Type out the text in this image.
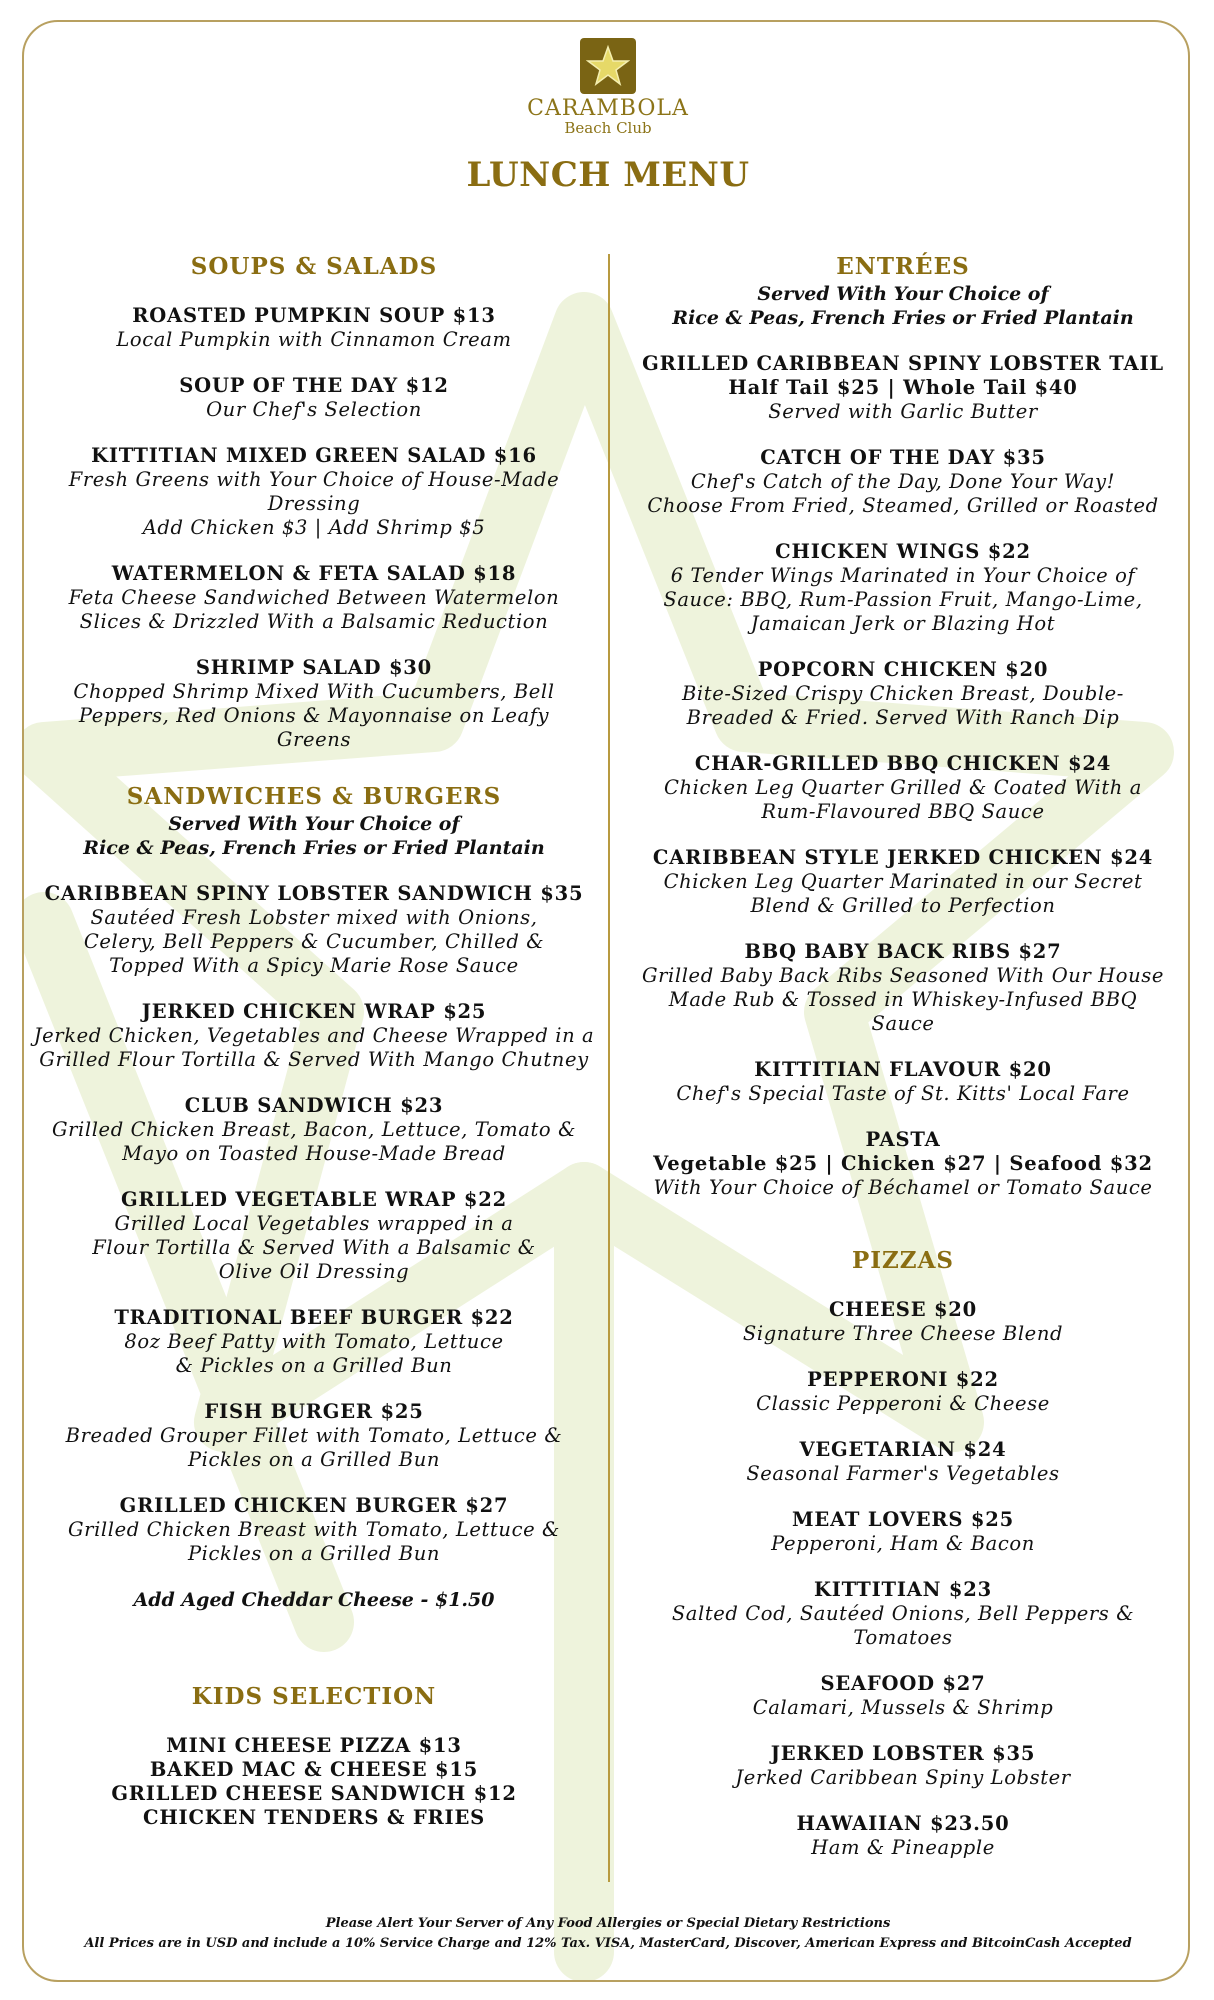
CARAMBOLA
Beach Club
LUNCH MENU
SOUPS & SALADS
ROASTED PUMPKIN SOUP $13
Local Pumpkin with Cinnamon Cream
SOUP OF THE DAY $12
Our Chef's Selection
KITTITIAN MIXED GREEN SALAD $16
Fresh Greens with Your Choice of House-Made Dressing
Add Chicken $3 | Add Shrimp $5
WATERMELON & FETA SALAD $18
Feta Cheese Sandwiched Between Watermelon Slices & Drizzled With a Balsamic Reduction
SHRIMP SALAD $30
Chopped Shrimp Mixed With Cucumbers, Bell Peppers, Red Onions & Mayonnaise on Leafy Greens
SANDWICHES & BURGERS
Served With Your Choice of
Rice & Peas, French Fries or Fried Plantain
CARIBBEAN SPINY LOBSTER SANDWICH $35
Sautéed Fresh Lobster mixed with Onions, Celery, Bell Peppers & Cucumber, Chilled & Topped With a Spicy Marie Rose Sauce
JERKED CHICKEN WRAP $25
Jerked Chicken, Vegetables and Cheese Wrapped in a Grilled Flour Tortilla & Served With Mango Chutney
CLUB SANDWICH $23
Grilled Chicken Breast, Bacon, Lettuce, Tomato & Mayo on Toasted House-Made Bread
GRILLED VEGETABLE WRAP $22
Grilled Local Vegetables wrapped in a Flour Tortilla & Served With a Balsamic & Olive Oil Dressing
TRADITIONAL BEEF BURGER $22
8oz Beef Patty with Tomato, Lettuce & Pickles on a Grilled Bun
FISH BURGER $25
Breaded Grouper Fillet with Tomato, Lettuce & Pickles on a Grilled Bun
GRILLED CHICKEN BURGER $27
Grilled Chicken Breast with Tomato, Lettuce & Pickles on a Grilled Bun
Add Aged Cheddar Cheese - $1.50
KIDS SELECTION
MINI CHEESE PIZZA $13
BAKED MAC & CHEESE $15
GRILLED CHEESE SANDWICH $12
CHICKEN TENDERS & FRIES
ENTRÉES
Served With Your Choice of
Rice & Peas, French Fries or Fried Plantain
GRILLED CARIBBEAN SPINY LOBSTER TAIL
Half Tail $25 | Whole Tail $40
Served with Garlic Butter
CATCH OF THE DAY $35
Chef's Catch of the Day, Done Your Way!
Choose From Fried, Steamed, Grilled or Roasted
CHICKEN WINGS $22
6 Tender Wings Marinated in Your Choice of Sauce: BBQ, Rum-Passion Fruit, Mango-Lime, Jamaican Jerk or Blazing Hot
POPCORN CHICKEN $20
Bite-Sized Crispy Chicken Breast, Double-Breaded & Fried. Served With Ranch Dip
CHAR-GRILLED BBQ CHICKEN $24
Chicken Leg Quarter Grilled & Coated With a Rum-Flavoured BBQ Sauce
CARIBBEAN STYLE JERKED CHICKEN $24
Chicken Leg Quarter Marinated in our Secret Blend & Grilled to Perfection
BBQ BABY BACK RIBS $27
Grilled Baby Back Ribs Seasoned With Our House Made Rub & Tossed in Whiskey-Infused BBQ Sauce
KITTITIAN FLAVOUR $20
Chef's Special Taste of St. Kitts' Local Fare
PASTA
Vegetable $25 | Chicken $27 | Seafood $32
With Your Choice of Béchamel or Tomato Sauce
PIZZAS
CHEESE $20
Signature Three Cheese Blend
PEPPERONI $22
Classic Pepperoni & Cheese
VEGETARIAN $24
Seasonal Farmer's Vegetables
MEAT LOVERS $25
Pepperoni, Ham & Bacon
KITTITIAN $23
Salted Cod, Sautéed Onions, Bell Peppers & Tomatoes
SEAFOOD $27
Calamari, Mussels & Shrimp
JERKED LOBSTER $35
Jerked Caribbean Spiny Lobster
HAWAIIAN $23.50
Ham & Pineapple
Please Alert Your Server of Any Food Allergies or Special Dietary Restrictions
All Prices are in USD and include a 10% Service Charge and 12% Tax. VISA, MasterCard, Discover, American Express and BitcoinCash Accepted
